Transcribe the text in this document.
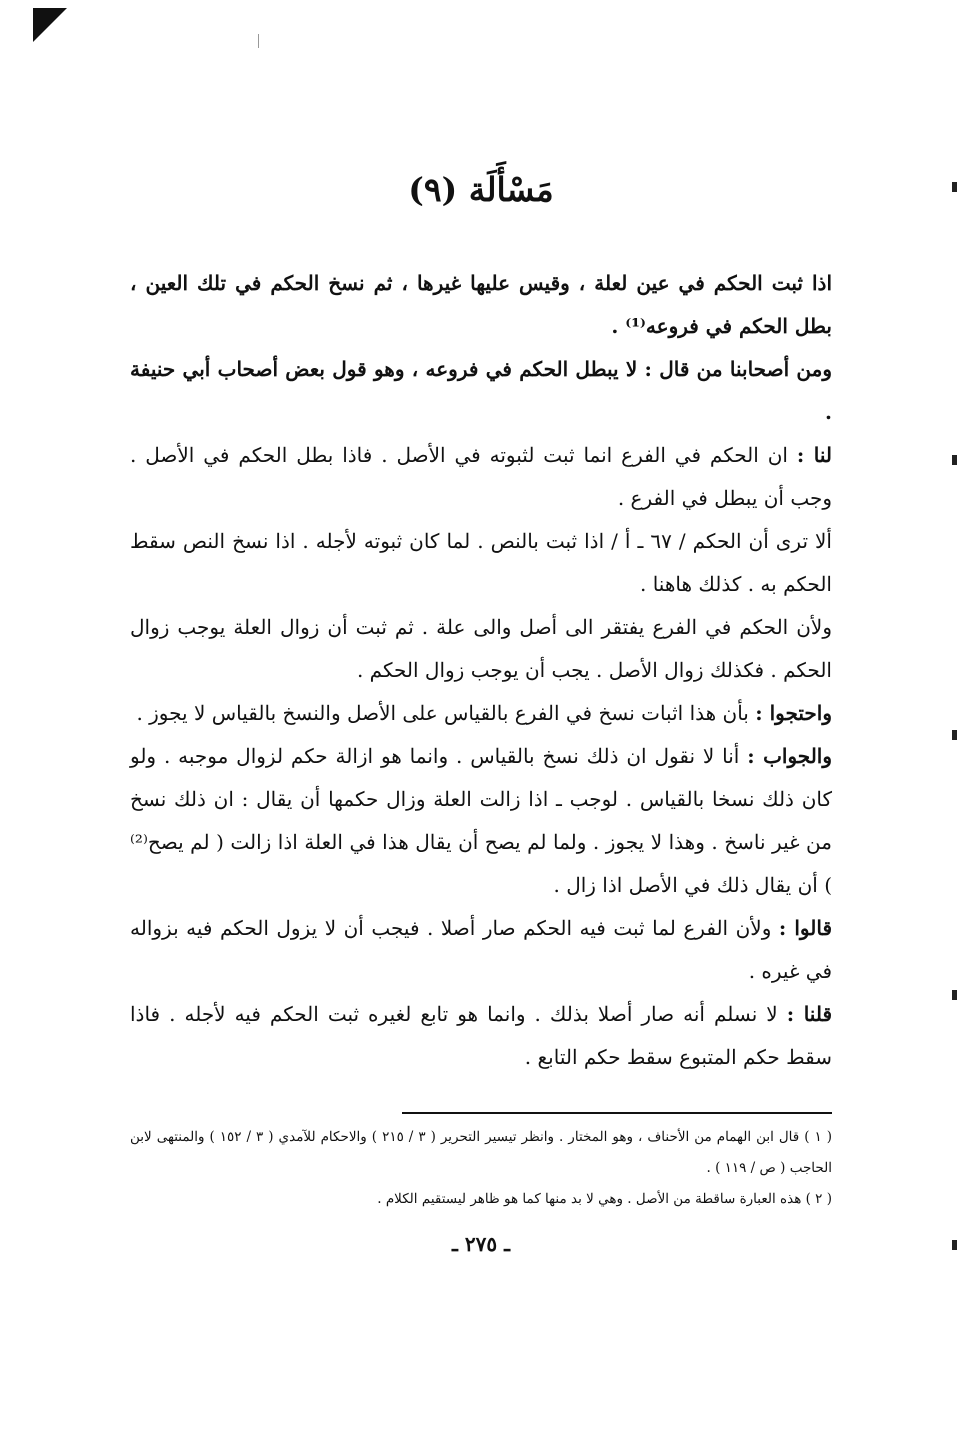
مَسْأَلَة (٩)

اذا ثبت الحكم في عين لعلة ، وقيس عليها غيرها ، ثم نسخ الحكم في تلك العين ، بطل الحكم في فروعه⁽¹⁾ .

ومن أصحابنا من قال : لا يبطل الحكم في فروعه ، وهو قول بعض أصحاب أبي حنيفة .

لنا : ان الحكم في الفرع انما ثبت لثبوته في الأصل . فاذا بطل الحكم في الأصل . وجب أن يبطل في الفرع .

ألا ترى أن الحكم / ٦٧ ـ أ / اذا ثبت بالنص . لما كان ثبوته لأجله . اذا نسخ النص سقط الحكم به . كذلك هاهنا .

ولأن الحكم في الفرع يفتقر الى أصل والى علة . ثم ثبت أن زوال العلة يوجب زوال الحكم . فكذلك زوال الأصل . يجب أن يوجب زوال الحكم .

واحتجوا : بأن هذا اثبات نسخ في الفرع بالقياس على الأصل والنسخ بالقياس لا يجوز .

والجواب : أنا لا نقول ان ذلك نسخ بالقياس . وانما هو ازالة حكم لزوال موجبه . ولو كان ذلك نسخا بالقياس . لوجب ـ اذا زالت العلة وزال حكمها أن يقال : ان ذلك نسخ من غير ناسخ . وهذا لا يجوز . ولما لم يصح أن يقال هذا في العلة اذا زالت ( لم يصح⁽²⁾ ) أن يقال ذلك في الأصل اذا زال .

قالوا : ولأن الفرع لما ثبت فيه الحكم صار أصلا . فيجب أن لا يزول الحكم فيه بزواله في غيره .

قلنا : لا نسلم أنه صار أصلا بذلك . وانما هو تابع لغيره ثبت الحكم فيه لأجله . فاذا سقط حكم المتبوع سقط حكم التابع .

( ١ ) قال ابن الهمام من الأحناف ، وهو المختار . وانظر تيسير التحرير ( ٣ / ٢١٥ ) والاحكام للآمدي ( ٣ / ١٥٢ ) والمنتهى لابن الحاجب ( ص / ١١٩ ) .

( ٢ ) هذه العبارة ساقطة من الأصل . وهي لا بد منها كما هو ظاهر ليستقيم الكلام .

ـ ٢٧٥ ـ
